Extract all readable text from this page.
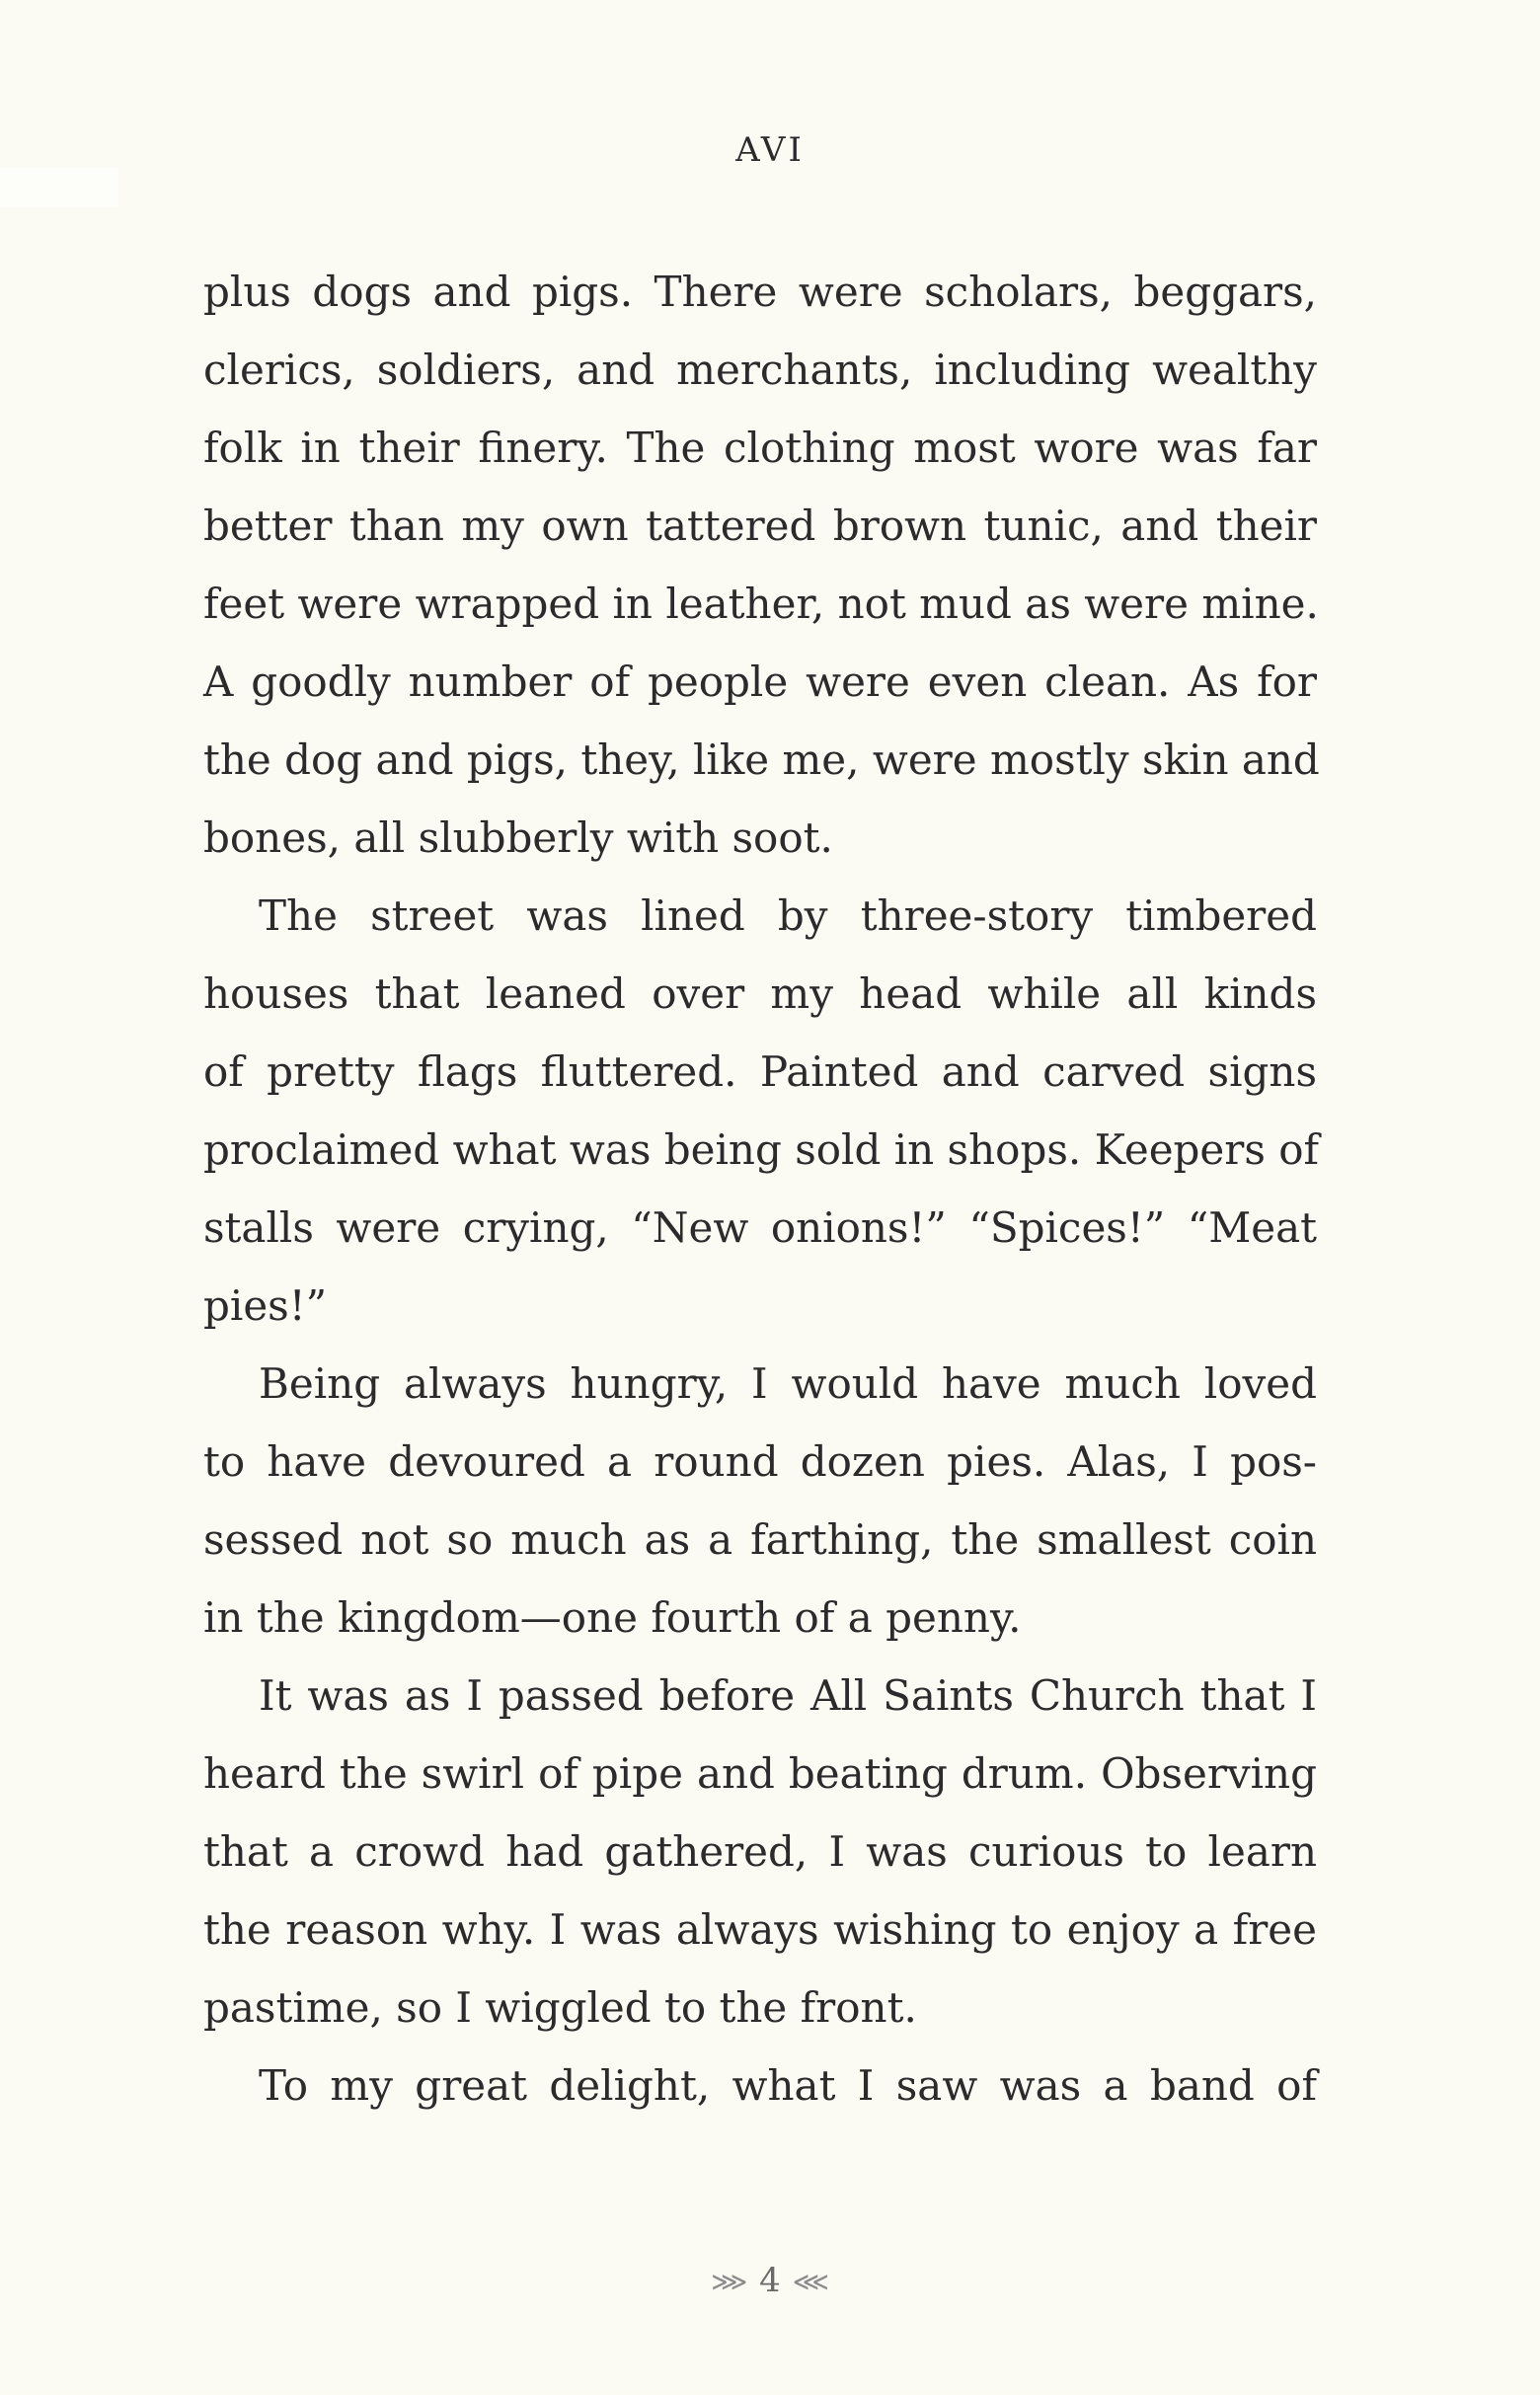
AVI
plus dogs and pigs. There were scholars, beggars,
clerics, soldiers, and merchants, including wealthy
folk in their finery. The clothing most wore was far
better than my own tattered brown tunic, and their
feet were wrapped in leather, not mud as were mine.
A goodly number of people were even clean. As for
the dog and pigs, they, like me, were mostly skin and
bones, all slubberly with soot.
The street was lined by three-story timbered
houses that leaned over my head while all kinds
of pretty flags fluttered. Painted and carved signs
proclaimed what was being sold in shops. Keepers of
stalls were crying, “New onions!” “Spices!” “Meat
pies!”
Being always hungry, I would have much loved
to have devoured a round dozen pies. Alas, I pos-
sessed not so much as a farthing, the smallest coin
in the kingdom—one fourth of a penny.
It was as I passed before All Saints Church that I
heard the swirl of pipe and beating drum. Observing
that a crowd had gathered, I was curious to learn
the reason why. I was always wishing to enjoy a free
pastime, so I wiggled to the front.
To my great delight, what I saw was a band of
⋙ 4 ⋘
